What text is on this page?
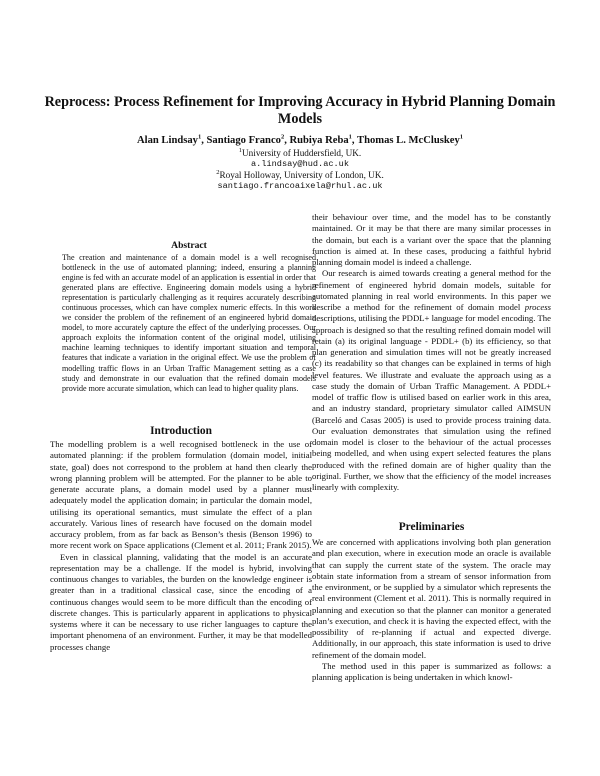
Reprocess: Process Refinement for Improving Accuracy in Hybrid Planning Domain Models
Alan Lindsay$^1$, Santiago Franco$^2$, Rubiya Reba$^1$, Thomas L. McCluskey$^1$
$^1$University of Huddersfield, UK.
a.lindsay@hud.ac.uk
$^2$Royal Holloway, University of London, UK.
santiago.francoaixela@rhul.ac.uk
Abstract
The creation and maintenance of a domain model is a well recognised bottleneck in the use of automated planning; indeed, ensuring a planning engine is fed with an accurate model of an application is essential in order that generated plans are effective. Engineering domain models using a hybrid representation is particularly challenging as it requires accurately describing continuous processes, which can have complex numeric effects. In this work we consider the problem of the refinement of an engineered hybrid domain model, to more accurately capture the effect of the underlying processes. Our approach exploits the information content of the original model, utilising machine learning techniques to identify important situation and temporal features that indicate a variation in the original effect. We use the problem of modelling traffic flows in an Urban Traffic Management setting as a case study and demonstrate in our evaluation that the refined domain models provide more accurate simulation, which can lead to higher quality plans.
Introduction

The modelling problem is a well recognised bottleneck in the use of automated planning: if the problem formulation (domain model, initial state, goal) does not correspond to the problem at hand then clearly the wrong planning problem will be attempted. For the planner to be able to generate accurate plans, a domain model used by a planner must adequately model the application domain; in particular the domain model, utilising its operational semantics, must simulate the effect of a plan accurately. Various lines of research have focused on the domain model accuracy problem, from as far back as Benson’s thesis (Benson 1996) to more recent work on Space applications (Clement et al. 2011; Frank 2015).

Even in classical planning, validating that the model is an accurate representation may be a challenge. If the model is hybrid, involving continuous changes to variables, the burden on the knowledge engineer is greater than in a traditional classical case, since the encoding of a continuous changes would seem to be more difficult than the encoding of discrete changes. This is particularly apparent in applications to physical systems where it can be necessary to use richer languages to capture the important phenomena of an environment. Further, it may be that modelled processes change

their behaviour over time, and the model has to be constantly maintained. Or it may be that there are many similar processes in the domain, but each is a variant over the space that the planning function is aimed at. In these cases, producing a faithful hybrid planning domain model is indeed a challenge.

Our research is aimed towards creating a general method for the refinement of engineered hybrid domain models, suitable for automated planning in real world environments. In this paper we describe a method for the refinement of domain model process descriptions, utilising the PDDL+ language for model encoding. The approach is designed so that the resulting refined domain model will retain (a) its original language - PDDL+ (b) its efficiency, so that plan generation and simulation times will not be greatly increased (c) its readability so that changes can be explained in terms of high level features. We illustrate and evaluate the approach using as a case study the domain of Urban Traffic Management. A PDDL+ model of traffic flow is utilised based on earlier work in this area, and an industry standard, proprietary simulator called AIMSUN (Barceló and Casas 2005) is used to provide process training data. Our evaluation demonstrates that simulation using the refined domain model is closer to the behaviour of the actual processes being modelled, and when using expert selected features the plans produced with the refined domain are of higher quality than the original. Further, we show that the efficiency of the model increases linearly with complexity.

Preliminaries

We are concerned with applications involving both plan generation and plan execution, where in execution mode an oracle is available that can supply the current state of the system. The oracle may obtain state information from a stream of sensor information from the environment, or be supplied by a simulator which represents the real environment (Clement et al. 2011). This is normally required in planning and execution so that the planner can monitor a generated plan’s execution, and check it is having the expected effect, with the possibility of re-planning if actual and expected diverge. Additionally, in our approach, this state information is used to drive refinement of the domain model.

The method used in this paper is summarized as follows: a planning application is being undertaken in which knowl-
